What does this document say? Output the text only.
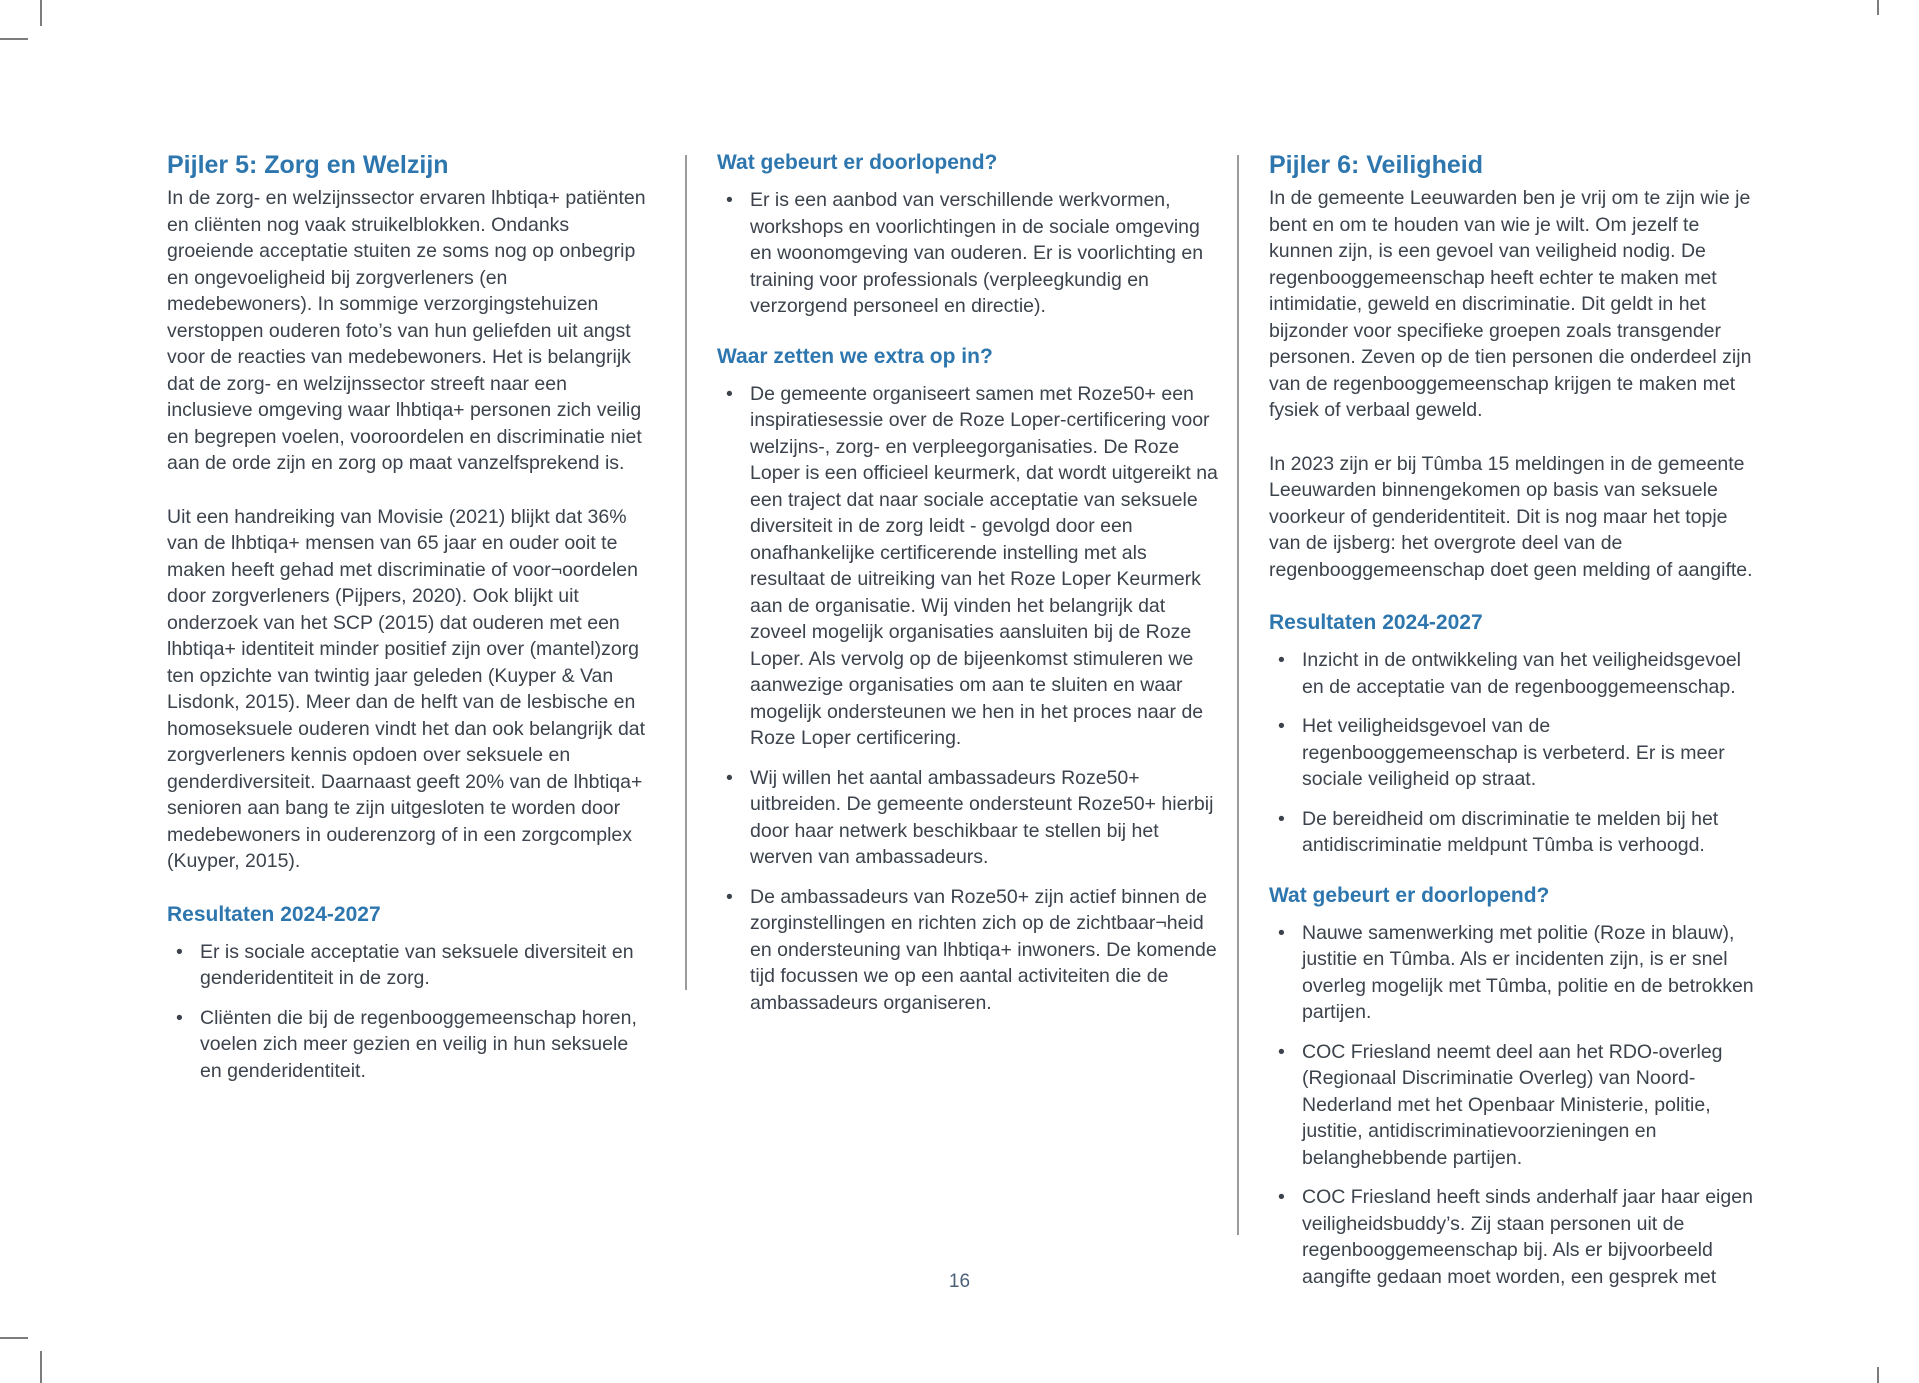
Pijler 5: Zorg en Welzijn

In de zorg- en welzijnssector ervaren lhbtiqa+ patiënten en cliënten nog vaak struikelblokken. Ondanks groeiende acceptatie stuiten ze soms nog op onbegrip en ongevoeligheid bij zorgverleners (en medebewoners). In sommige verzorgingstehuizen verstoppen ouderen foto’s van hun geliefden uit angst voor de reacties van medebewoners. Het is belangrijk dat de zorg- en welzijnssector streeft naar een inclusieve omgeving waar lhbtiqa+ personen zich veilig en begrepen voelen, vooroordelen en discriminatie niet aan de orde zijn en zorg op maat vanzelfsprekend is.

Uit een handreiking van Movisie (2021) blijkt dat 36% van de lhbtiqa+ mensen van 65 jaar en ouder ooit te maken heeft gehad met discriminatie of voor¬oordelen door zorgverleners (Pijpers, 2020). Ook blijkt uit onderzoek van het SCP (2015) dat ouderen met een lhbtiqa+ identiteit minder positief zijn over (mantel)zorg ten opzichte van twintig jaar geleden (Kuyper & Van Lisdonk, 2015). Meer dan de helft van de lesbische en homoseksuele ouderen vindt het dan ook belangrijk dat zorgverleners kennis opdoen over seksuele en genderdiversiteit. Daarnaast geeft 20% van de lhbtiqa+ senioren aan bang te zijn uitgesloten te worden door medebewoners in ouderenzorg of in een zorgcomplex (Kuyper, 2015).

Resultaten 2024-2027
• Er is sociale acceptatie van seksuele diversiteit en genderidentiteit in de zorg.
• Cliënten die bij de regenbooggemeenschap horen, voelen zich meer gezien en veilig in hun seksuele en genderidentiteit.
Wat gebeurt er doorlopend?
• Er is een aanbod van verschillende werkvormen, workshops en voorlichtingen in de sociale omgeving en woonomgeving van ouderen. Er is voorlichting en training voor professionals (verpleegkundig en verzorgend personeel en directie).
Waar zetten we extra op in?
• De gemeente organiseert samen met Roze50+ een inspiratiesessie over de Roze Loper-certificering voor welzijns-, zorg- en verpleegorganisaties. De Roze Loper is een officieel keurmerk, dat wordt uitgereikt na een traject dat naar sociale acceptatie van seksuele diversiteit in de zorg leidt - gevolgd door een onafhankelijke certificerende instelling met als resultaat de uitreiking van het Roze Loper Keurmerk aan de organisatie. Wij vinden het belangrijk dat zoveel mogelijk organisaties aansluiten bij de Roze Loper. Als vervolg op de bijeenkomst stimuleren we aanwezige organisaties om aan te sluiten en waar mogelijk ondersteunen we hen in het proces naar de Roze Loper certificering.
• Wij willen het aantal ambassadeurs Roze50+ uitbreiden. De gemeente ondersteunt Roze50+ hierbij door haar netwerk beschikbaar te stellen bij het werven van ambassadeurs.
• De ambassadeurs van Roze50+ zijn actief binnen de zorginstellingen en richten zich op de zichtbaar¬heid en ondersteuning van lhbtiqa+ inwoners. De komende tijd focussen we op een aantal activiteiten die de ambassadeurs organiseren.
Pijler 6: Veiligheid

In de gemeente Leeuwarden ben je vrij om te zijn wie je bent en om te houden van wie je wilt. Om jezelf te kunnen zijn, is een gevoel van veiligheid nodig. De regenbooggemeenschap heeft echter te maken met intimidatie, geweld en discriminatie. Dit geldt in het bijzonder voor specifieke groepen zoals transgender personen. Zeven op de tien personen die onderdeel zijn van de regenbooggemeenschap krijgen te maken met fysiek of verbaal geweld.

In 2023 zijn er bij Tûmba 15 meldingen in de gemeente Leeuwarden binnengekomen op basis van seksuele voorkeur of genderidentiteit. Dit is nog maar het topje van de ijsberg: het overgrote deel van de regenbooggemeenschap doet geen melding of aangifte.

Resultaten 2024-2027
• Inzicht in de ontwikkeling van het veiligheidsgevoel en de acceptatie van de regenbooggemeenschap.
• Het veiligheidsgevoel van de regenbooggemeenschap is verbeterd. Er is meer sociale veiligheid op straat.
• De bereidheid om discriminatie te melden bij het antidiscriminatie meldpunt Tûmba is verhoogd.
Wat gebeurt er doorlopend?
• Nauwe samenwerking met politie (Roze in blauw), justitie en Tûmba. Als er incidenten zijn, is er snel overleg mogelijk met Tûmba, politie en de betrokken partijen.
• COC Friesland neemt deel aan het RDO-overleg (Regionaal Discriminatie Overleg) van Noord-Nederland met het Openbaar Ministerie, politie, justitie, antidiscriminatievoorzieningen en belanghebbende partijen.
• COC Friesland heeft sinds anderhalf jaar haar eigen veiligheidsbuddy’s. Zij staan personen uit de regenbooggemeenschap bij. Als er bijvoorbeeld aangifte gedaan moet worden, een gesprek met
16
